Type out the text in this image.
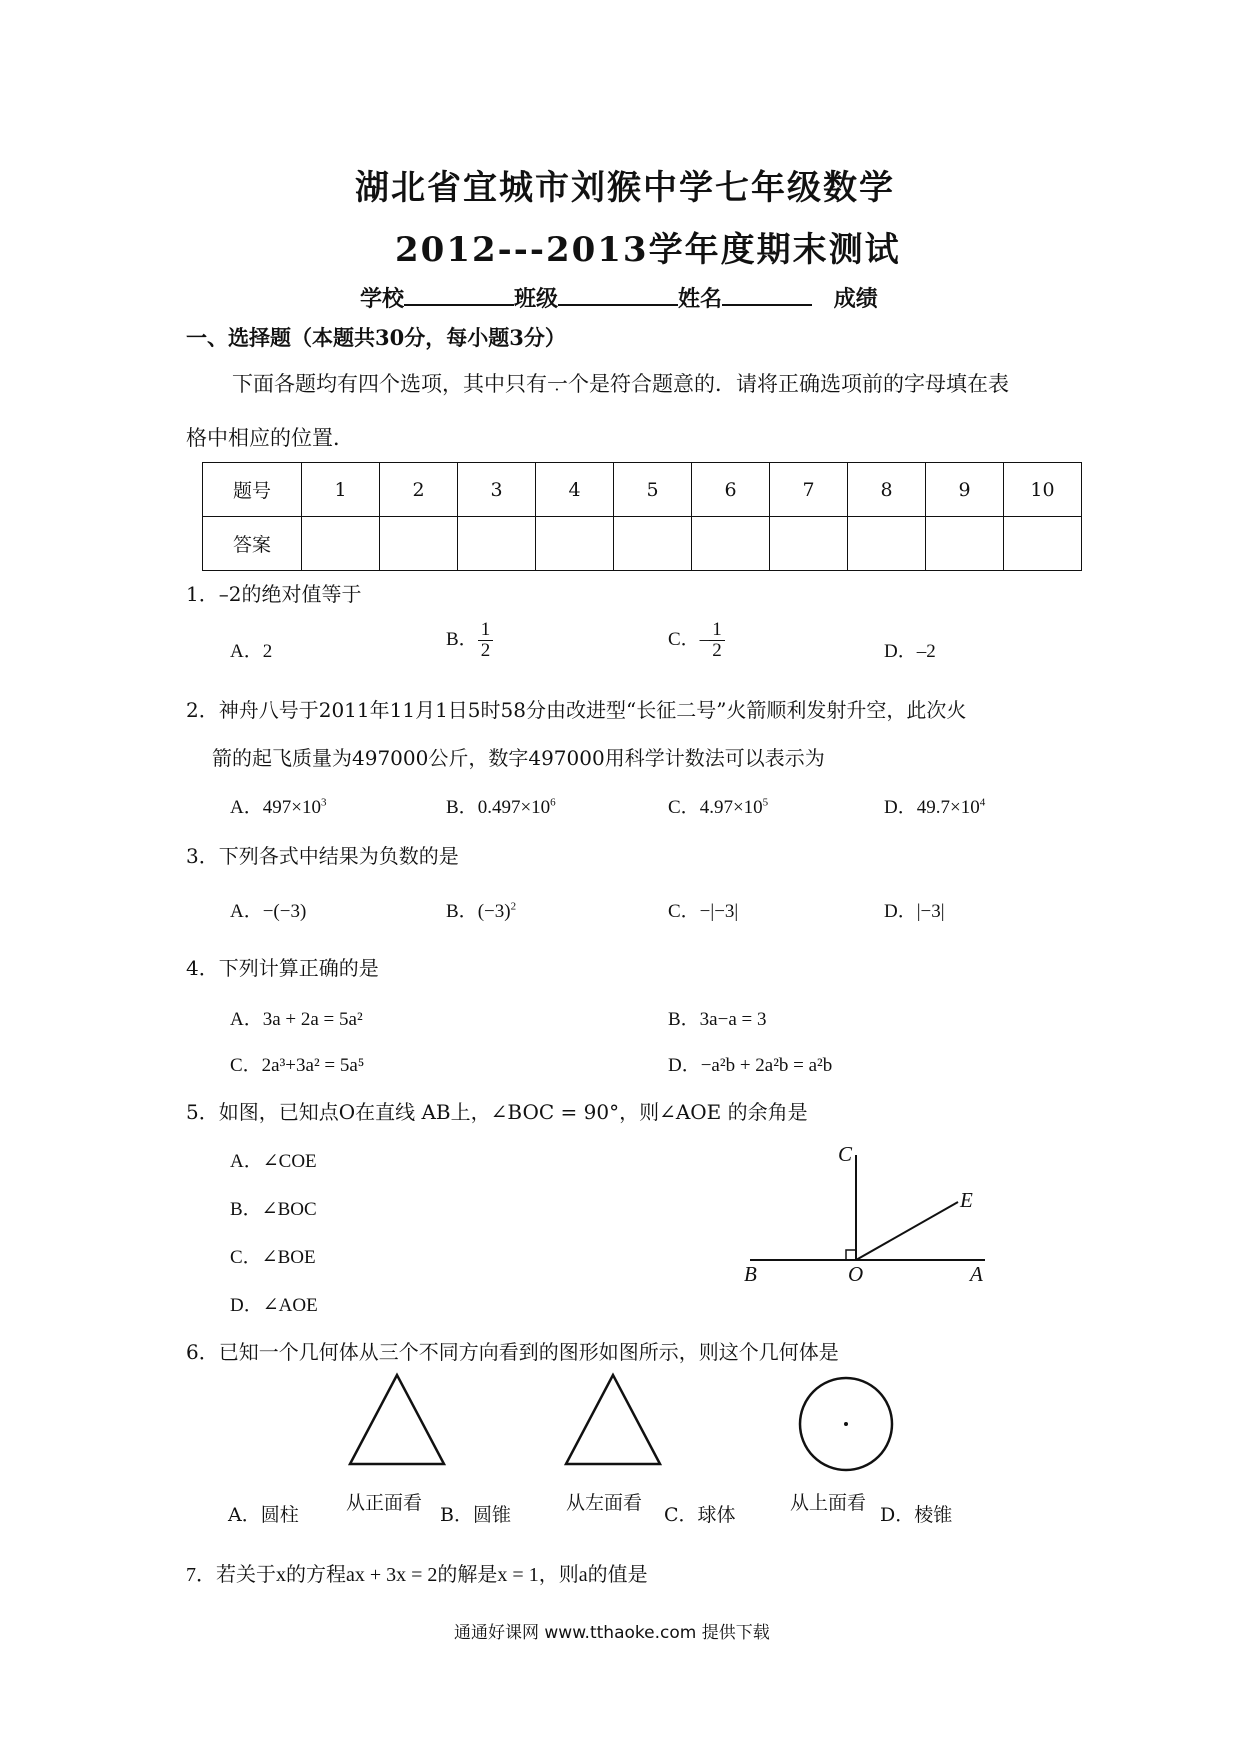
湖北省宜城市刘猴中学七年级数学
2012---2013学年度期末测试
学校	班级	姓名	成绩
一、选择题（本题共30分，每小题3分）
下面各题均有四个选项，其中只有一个 ·是符合题意的．请将正确选项前的字母填在表
格中相应的位置．
题号	1	2	3	4	5	6	7	8	9	10
答案										
1．–2的绝对值等于
A．2
B． $\frac{1}{2}$	C．– $\frac{1}{2}$	D．–2
2．神舟八号于2011年11月1日5时58分由改进型“长征二号”火箭顺利发射升空，此次火
箭的起飞质量为497000公斤，数字497000用科学计数法可以表示为
A．$497\times 10^3$	B．$0.497\times 10^6$	C．$4.97\times 10^5$	D．$49.7\times 10^4$
3．下列各式中结果为负数的是
A．−(−3)	B．$(-3)^2$	C．−|−3|	D．|−3|
4．下列计算正确的是
A．3a + 2a = 5a²	B．3a−a = 3
C．2a³+3a² = 5a⁵	D．−a²b + 2a²b = a²b
5．如图，已知点O在直线 AB上，∠BOC = 90°，则∠AOE 的余角是
A．∠COE
B．∠BOC
C．∠BOE
D．∠AOE
C
E
B	O	A
6．已知一个几何体从三个不同方向看到的图形如图所示，则这个几何体是
A．圆柱	B．圆锥	C．球体	D．棱锥
从正面看	从左面看	从上面看
7．若关于x的方程ax + 3x = 2的解是x = 1，则a的值是
通通好课网 www.tthaoke.com 提供下载
